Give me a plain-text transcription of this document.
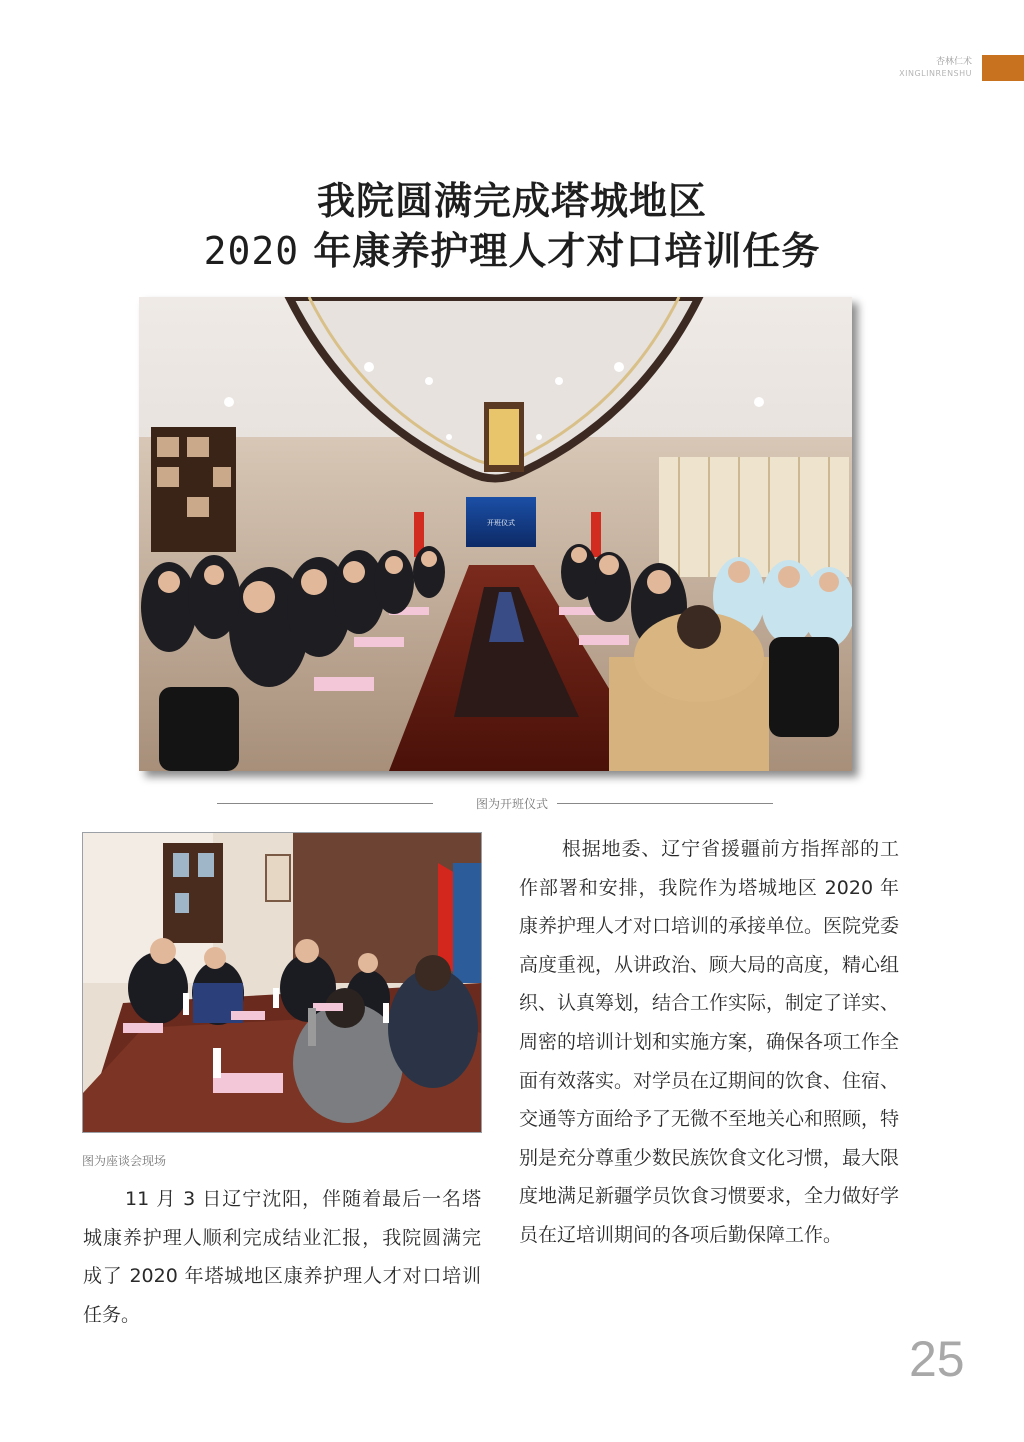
杏林仁术
XINGLINRENSHU
我院圆满完成塔城地区
2020 年康养护理人才对口培训任务
开班仪式
图为开班仪式
图为座谈会现场
11 月 3 日辽宁沈阳，伴随着最后一名塔城康养护理人顺利完成结业汇报，我院圆满完成了 2020 年塔城地区康养护理人才对口培训任务。
根据地委、辽宁省援疆前方指挥部的工作部署和安排，我院作为塔城地区 2020 年康养护理人才对口培训的承接单位。医院党委高度重视，从讲政治、顾大局的高度，精心组织、认真筹划，结合工作实际，制定了详实、周密的培训计划和实施方案，确保各项工作全面有效落实。对学员在辽期间的饮食、住宿、交通等方面给予了无微不至地关心和照顾，特别是充分尊重少数民族饮食文化习惯，最大限度地满足新疆学员饮食习惯要求，全力做好学员在辽培训期间的各项后勤保障工作。
25
